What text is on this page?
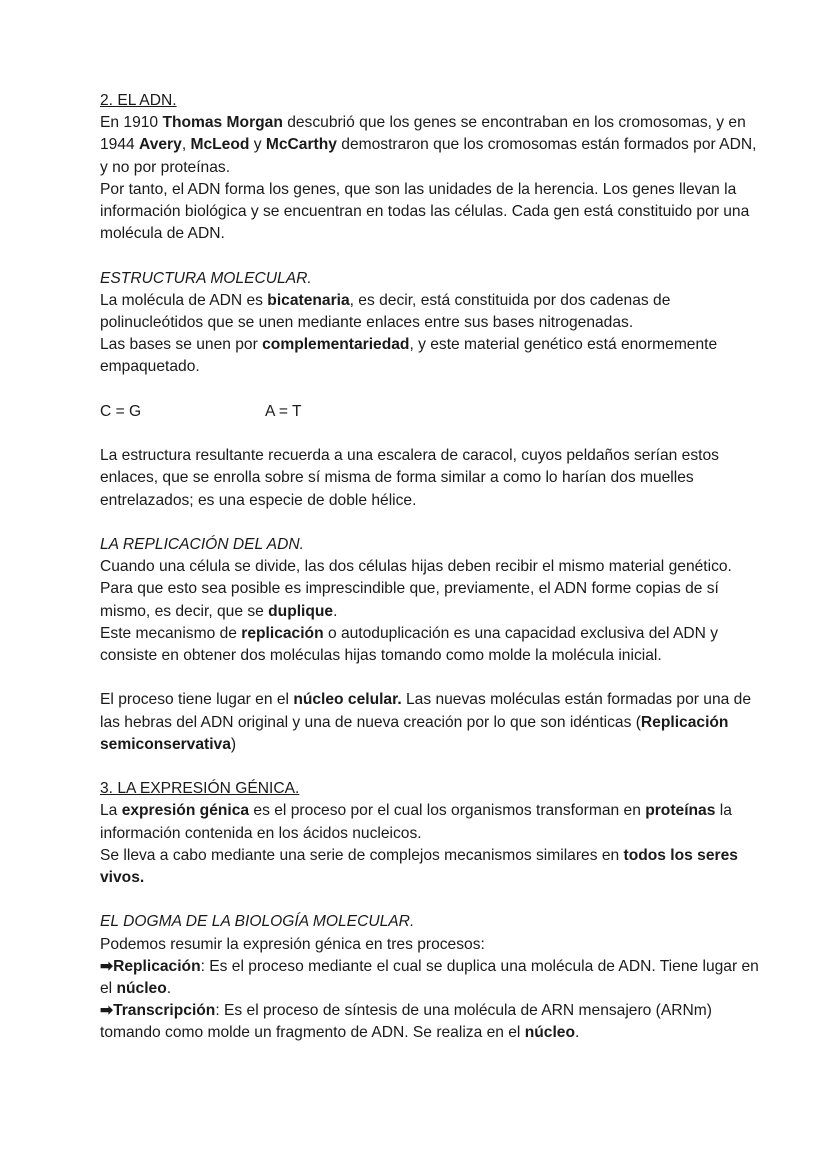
2. EL ADN.

En 1910 Thomas Morgan descubrió que los genes se encontraban en los cromosomas, y en 1944 Avery, McLeod y McCarthy demostraron que los cromosomas están formados por ADN, y no por proteínas.

Por tanto, el ADN forma los genes, que son las unidades de la herencia. Los genes llevan la información biológica y se encuentran en todas las células. Cada gen está constituido por una molécula de ADN.

ESTRUCTURA MOLECULAR.

La molécula de ADN es bicatenaria, es decir, está constituida por dos cadenas de polinucleótidos que se unen mediante enlaces entre sus bases nitrogenadas.

Las bases se unen por complementariedad, y este material genético está enormemente empaquetado.

C = G	A = T

La estructura resultante recuerda a una escalera de caracol, cuyos peldaños serían estos enlaces, que se enrolla sobre sí misma de forma similar a como lo harían dos muelles entrelazados; es una especie de doble hélice.

LA REPLICACIÓN DEL ADN.

Cuando una célula se divide, las dos células hijas deben recibir el mismo material genético. Para que esto sea posible es imprescindible que, previamente, el ADN forme copias de sí mismo, es decir, que se duplique.

Este mecanismo de replicación o autoduplicación es una capacidad exclusiva del ADN y consiste en obtener dos moléculas hijas tomando como molde la molécula inicial.

El proceso tiene lugar en el núcleo celular. Las nuevas moléculas están formadas por una de las hebras del ADN original y una de nueva creación por lo que son idénticas (Replicación semiconservativa)

3. LA EXPRESIÓN GÉNICA.

La expresión génica es el proceso por el cual los organismos transforman en proteínas la información contenida en los ácidos nucleicos.

Se lleva a cabo mediante una serie de complejos mecanismos similares en todos los seres vivos.

EL DOGMA DE LA BIOLOGÍA MOLECULAR.

Podemos resumir la expresión génica en tres procesos:

➡Replicación: Es el proceso mediante el cual se duplica una molécula de ADN. Tiene lugar en el núcleo.

➡Transcripción: Es el proceso de síntesis de una molécula de ARN mensajero (ARNm) tomando como molde un fragmento de ADN. Se realiza en el núcleo.
